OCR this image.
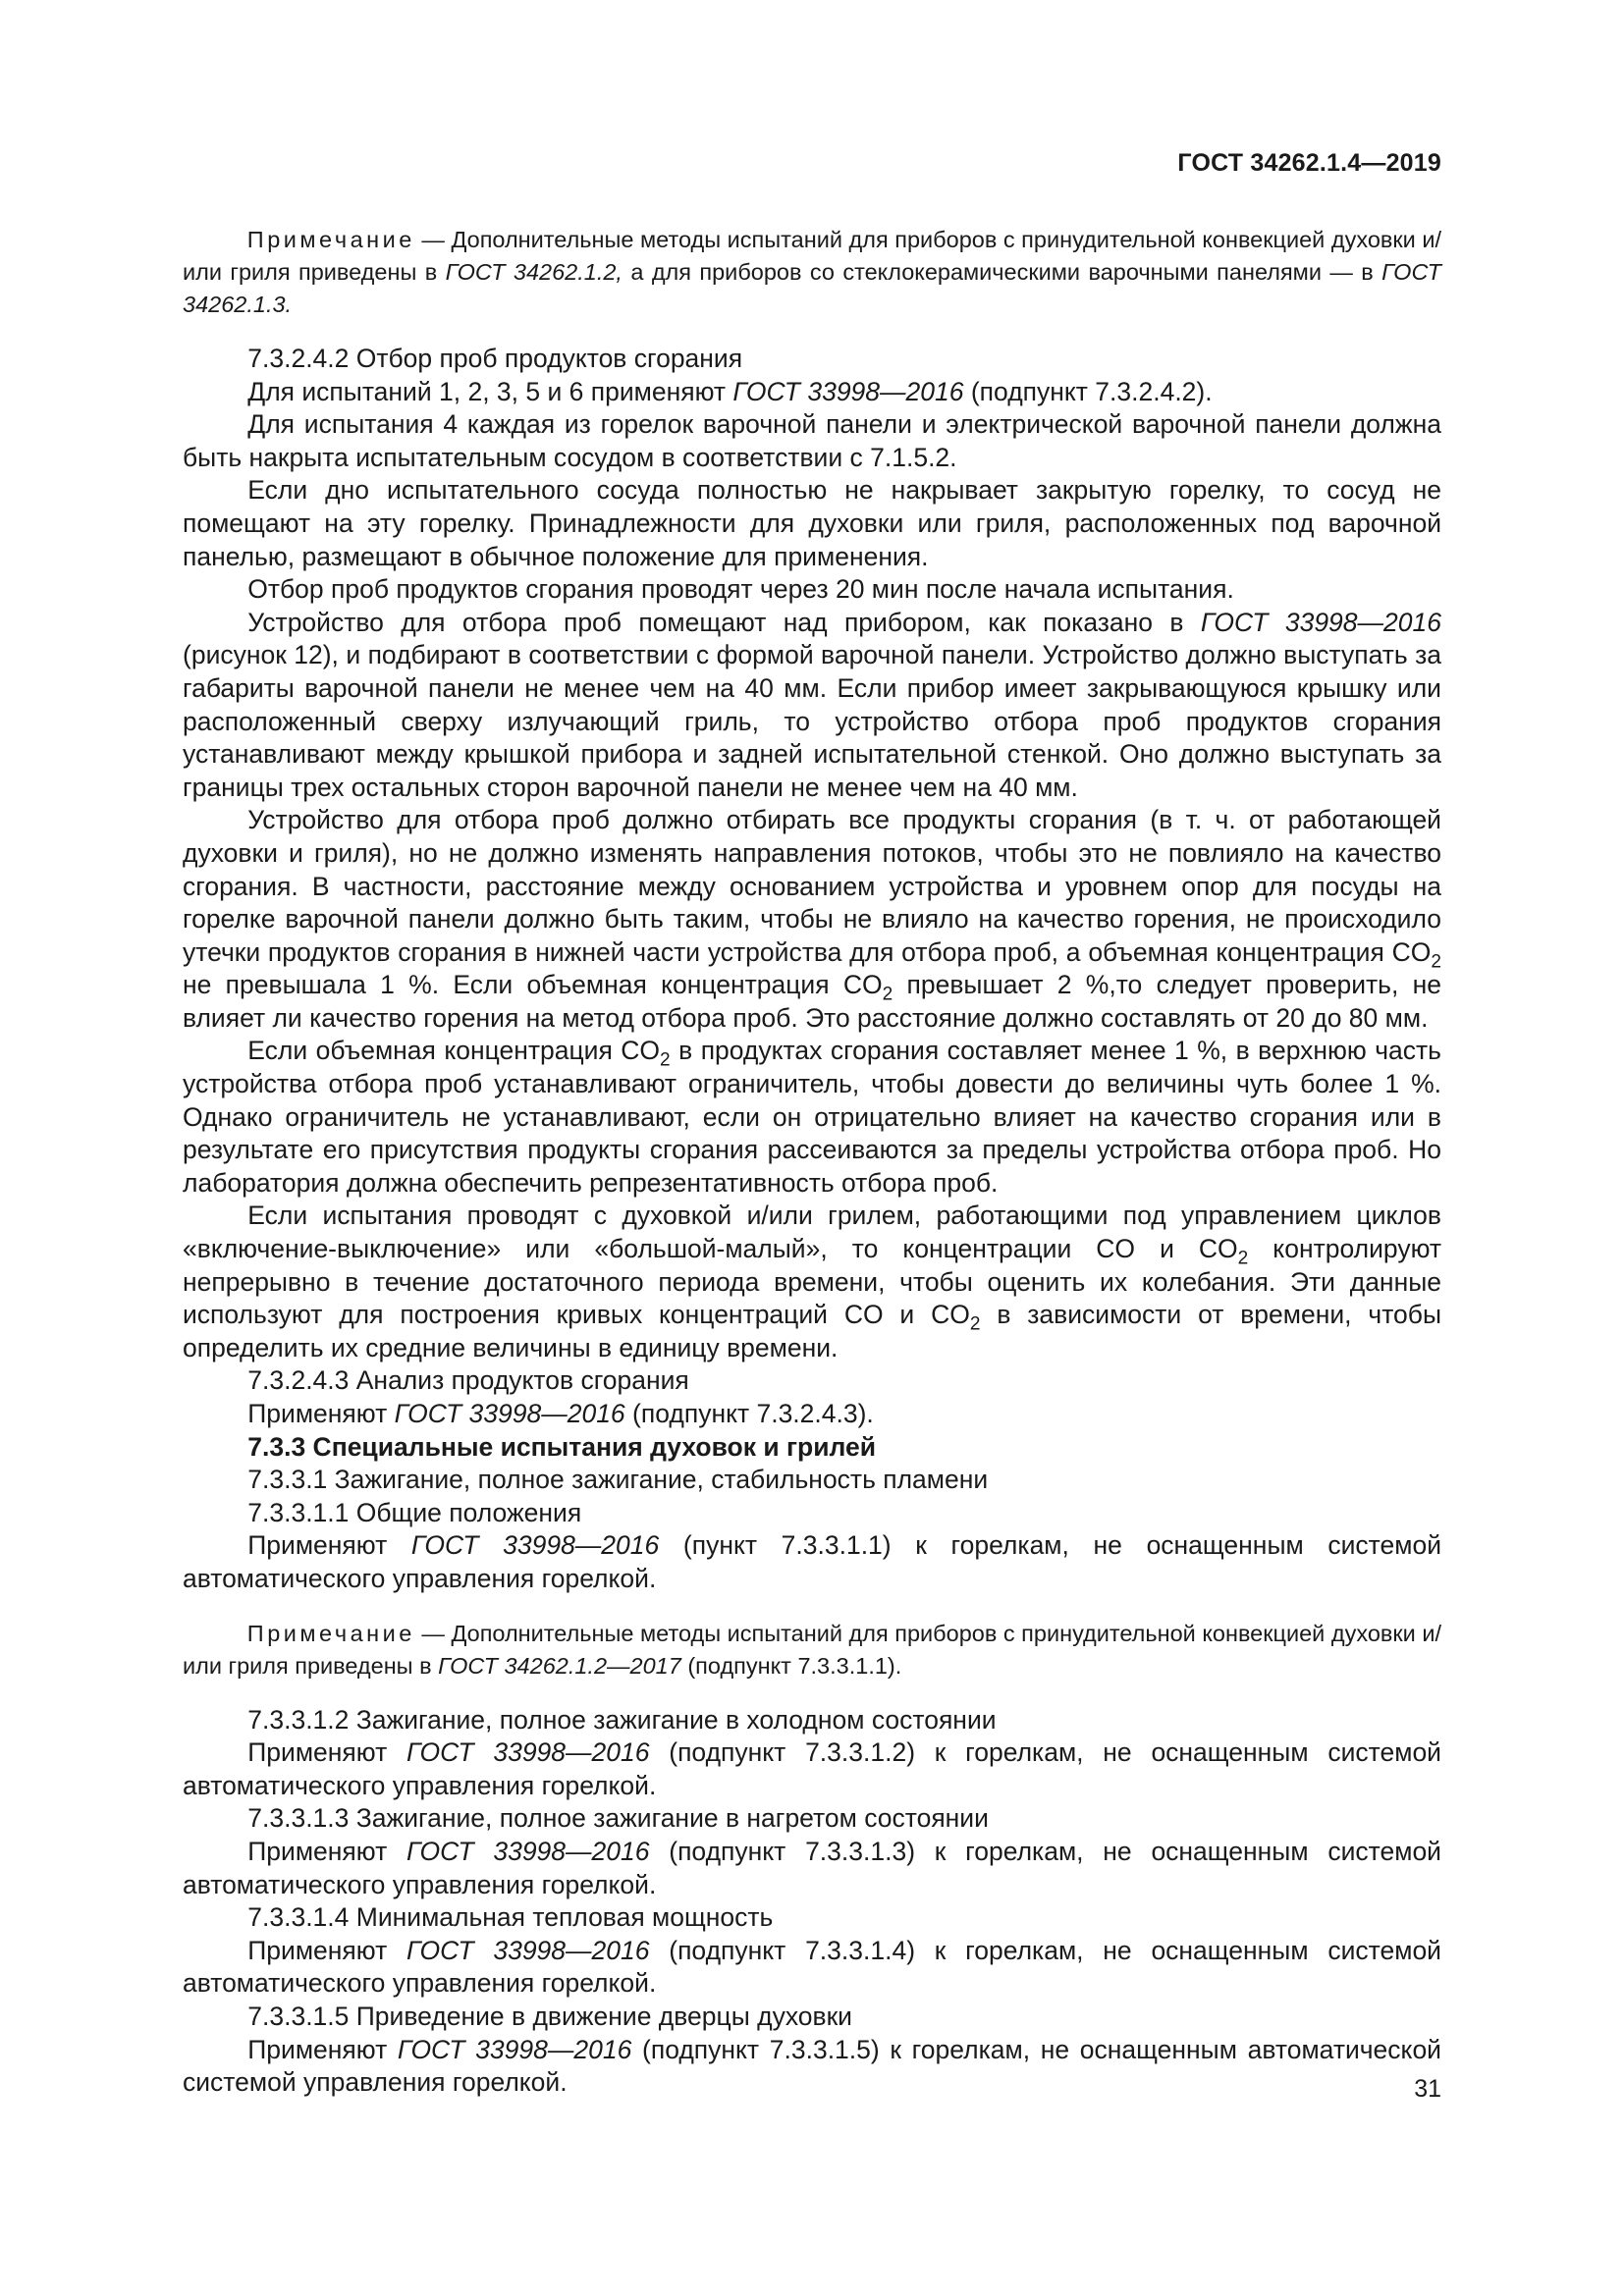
ГОСТ 34262.1.4—2019

Примечание — Дополнительные методы испытаний для приборов с принудительной конвекцией духовки и/или гриля приведены в ГОСТ 34262.1.2, а для приборов со стеклокерамическими варочными панелями — в ГОСТ 34262.1.3.

7.3.2.4.2 Отбор проб продуктов сгорания

Для испытаний 1, 2, 3, 5 и 6 применяют ГОСТ 33998—2016 (подпункт 7.3.2.4.2).

Для испытания 4 каждая из горелок варочной панели и электрической варочной панели должна быть накрыта испытательным сосудом в соответствии с 7.1.5.2.

Если дно испытательного сосуда полностью не накрывает закрытую горелку, то сосуд не помещают на эту горелку. Принадлежности для духовки или гриля, расположенных под варочной панелью, размещают в обычное положение для применения.

Отбор проб продуктов сгорания проводят через 20 мин после начала испытания.

Устройство для отбора проб помещают над прибором, как показано в ГОСТ 33998—2016 (рисунок 12), и подбирают в соответствии с формой варочной панели. Устройство должно выступать за габариты варочной панели не менее чем на 40 мм. Если прибор имеет закрывающуюся крышку или расположенный сверху излучающий гриль, то устройство отбора проб продуктов сгорания устанавливают между крышкой прибора и задней испытательной стенкой. Оно должно выступать за границы трех остальных сторон варочной панели не менее чем на 40 мм.

Устройство для отбора проб должно отбирать все продукты сгорания (в т. ч. от работающей духовки и гриля), но не должно изменять направления потоков, чтобы это не повлияло на качество сгорания. В частности, расстояние между основанием устройства и уровнем опор для посуды на горелке варочной панели должно быть таким, чтобы не влияло на качество горения, не происходило утечки продуктов сгорания в нижней части устройства для отбора проб, а объемная концентрация $CO_2$ не превышала 1 %. Если объемная концентрация $CO_2$ превышает 2 %,то следует проверить, не влияет ли качество горения на метод отбора проб. Это расстояние должно составлять от 20 до 80 мм.

Если объемная концентрация $CO_2$ в продуктах сгорания составляет менее 1 %, в верхнюю часть устройства отбора проб устанавливают ограничитель, чтобы довести до величины чуть более 1 %. Однако ограничитель не устанавливают, если он отрицательно влияет на качество сгорания или в результате его присутствия продукты сгорания рассеиваются за пределы устройства отбора проб. Но лаборатория должна обеспечить репрезентативность отбора проб.

Если испытания проводят с духовкой и/или грилем, работающими под управлением циклов «включение-выключение» или «большой-малый», то концентрации CO и $CO_2$ контролируют непрерывно в течение достаточного периода времени, чтобы оценить их колебания. Эти данные используют для построения кривых концентраций CO и $CO_2$ в зависимости от времени, чтобы определить их средние величины в единицу времени.

7.3.2.4.3 Анализ продуктов сгорания

Применяют ГОСТ 33998—2016 (подпункт 7.3.2.4.3).

7.3.3 Специальные испытания духовок и грилей

7.3.3.1 Зажигание, полное зажигание, стабильность пламени

7.3.3.1.1 Общие положения

Применяют ГОСТ 33998—2016 (пункт 7.3.3.1.1) к горелкам, не оснащенным системой автоматического управления горелкой.

Примечание — Дополнительные методы испытаний для приборов с принудительной конвекцией духовки и/или гриля приведены в ГОСТ 34262.1.2—2017 (подпункт 7.3.3.1.1).

7.3.3.1.2 Зажигание, полное зажигание в холодном состоянии

Применяют ГОСТ 33998—2016 (подпункт 7.3.3.1.2) к горелкам, не оснащенным системой автоматического управления горелкой.

7.3.3.1.3 Зажигание, полное зажигание в нагретом состоянии

Применяют ГОСТ 33998—2016 (подпункт 7.3.3.1.3) к горелкам, не оснащенным системой автоматического управления горелкой.

7.3.3.1.4 Минимальная тепловая мощность

Применяют ГОСТ 33998—2016 (подпункт 7.3.3.1.4) к горелкам, не оснащенным системой автоматического управления горелкой.

7.3.3.1.5 Приведение в движение дверцы духовки

Применяют ГОСТ 33998—2016 (подпункт 7.3.3.1.5) к горелкам, не оснащенным автоматической системой управления горелкой.	31
